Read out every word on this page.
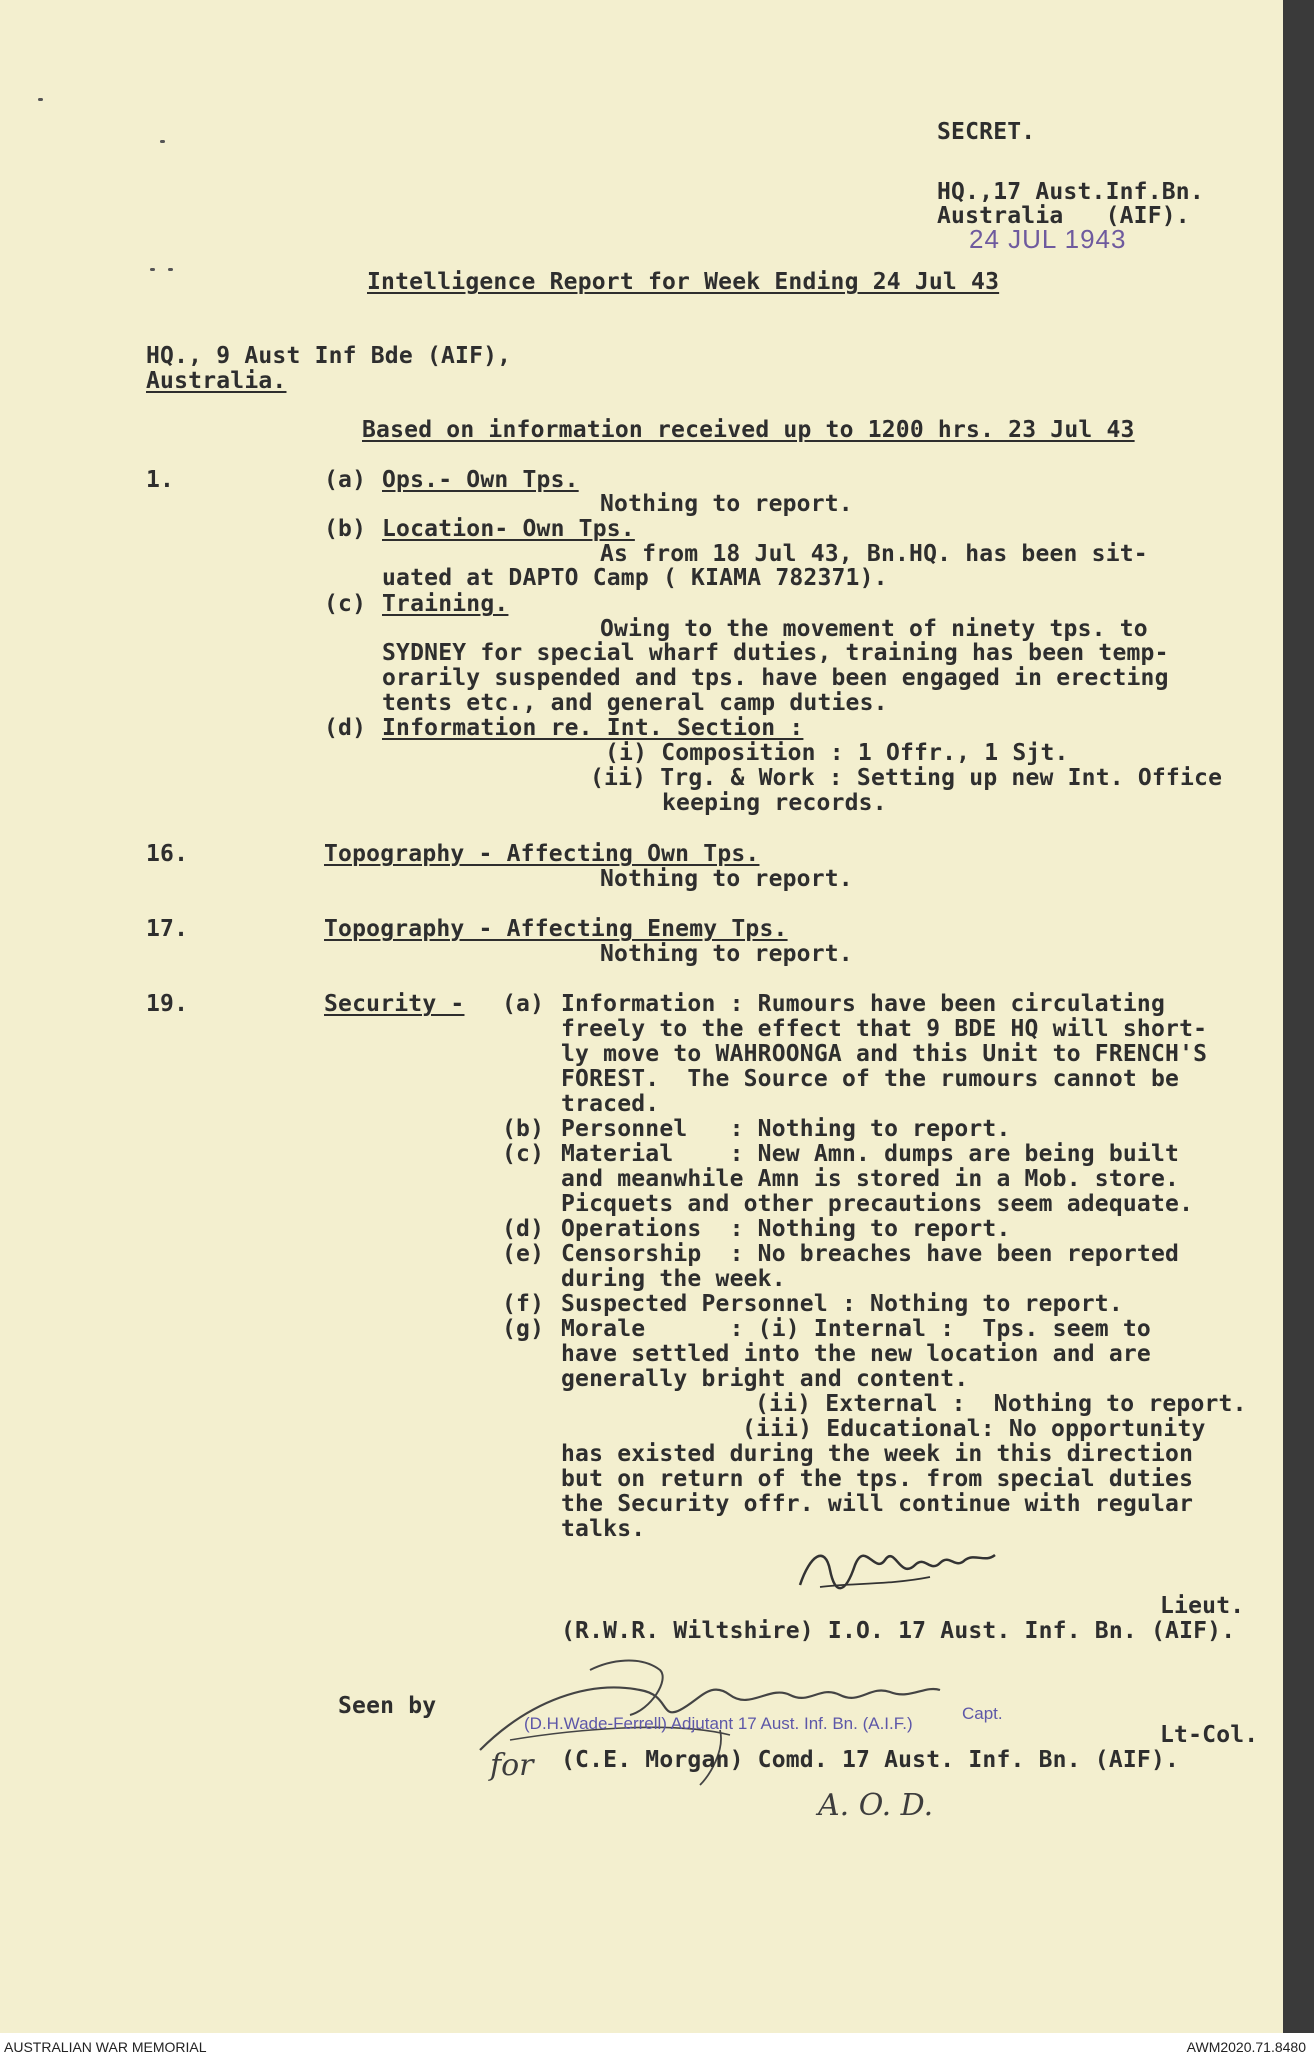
SECRET.
HQ.,17 Aust.Inf.Bn.
Australia   (AIF).
24 JUL 1943
Intelligence Report for Week Ending 24 Jul 43
HQ., 9 Aust Inf Bde (AIF),
Australia.
Based on information received up to 1200 hrs. 23 Jul 43
1.	(a) Ops.- Own Tps.
Nothing to report.
(b) Location- Own Tps.
As from 18 Jul 43, Bn.HQ. has been sit-
uated at DAPTO Camp ( KIAMA 782371).
(c) Training.
Owing to the movement of ninety tps. to
SYDNEY for special wharf duties, training has been temp-
orarily suspended and tps. have been engaged in erecting
tents etc., and general camp duties.
(d) Information re. Int. Section :
(i) Composition : 1 Offr., 1 Sjt.
(ii) Trg. & Work : Setting up new Int. Office
keeping records.
16.	Topography - Affecting Own Tps.
Nothing to report.
17.	Topography - Affecting Enemy Tps.
Nothing to report.
19.	Security - (a) Information : Rumours have been circulating
freely to the effect that 9 BDE HQ will short-
ly move to WAHROONGA and this Unit to FRENCH'S
FOREST.  The Source of the rumours cannot be
traced.
(b) Personnel   : Nothing to report.
(c) Material    : New Amn. dumps are being built
and meanwhile Amn is stored in a Mob. store.
Picquets and other precautions seem adequate.
(d) Operations  : Nothing to report.
(e) Censorship  : No breaches have been reported
during the week.
(f) Suspected Personnel : Nothing to report.
(g) Morale      : (i) Internal :  Tps. seem to
have settled into the new location and are
generally bright and content.
(ii) External :  Nothing to report.
(iii) Educational: No opportunity
has existed during the week in this direction
but on return of the tps. from special duties
the Security offr. will continue with regular
talks.
Lieut.
(R.W.R. Wiltshire) I.O. 17 Aust. Inf. Bn. (AIF).
Seen by
(D.H.Wade-Ferrell) Adjutant 17 Aust. Inf. Bn. (A.I.F.)
Capt.
Lt-Col.
for (C.E. Morgan) Comd. 17 Aust. Inf. Bn. (AIF).
A. O. D.
AUSTRALIAN WAR MEMORIAL	AWM2020.71.8480
